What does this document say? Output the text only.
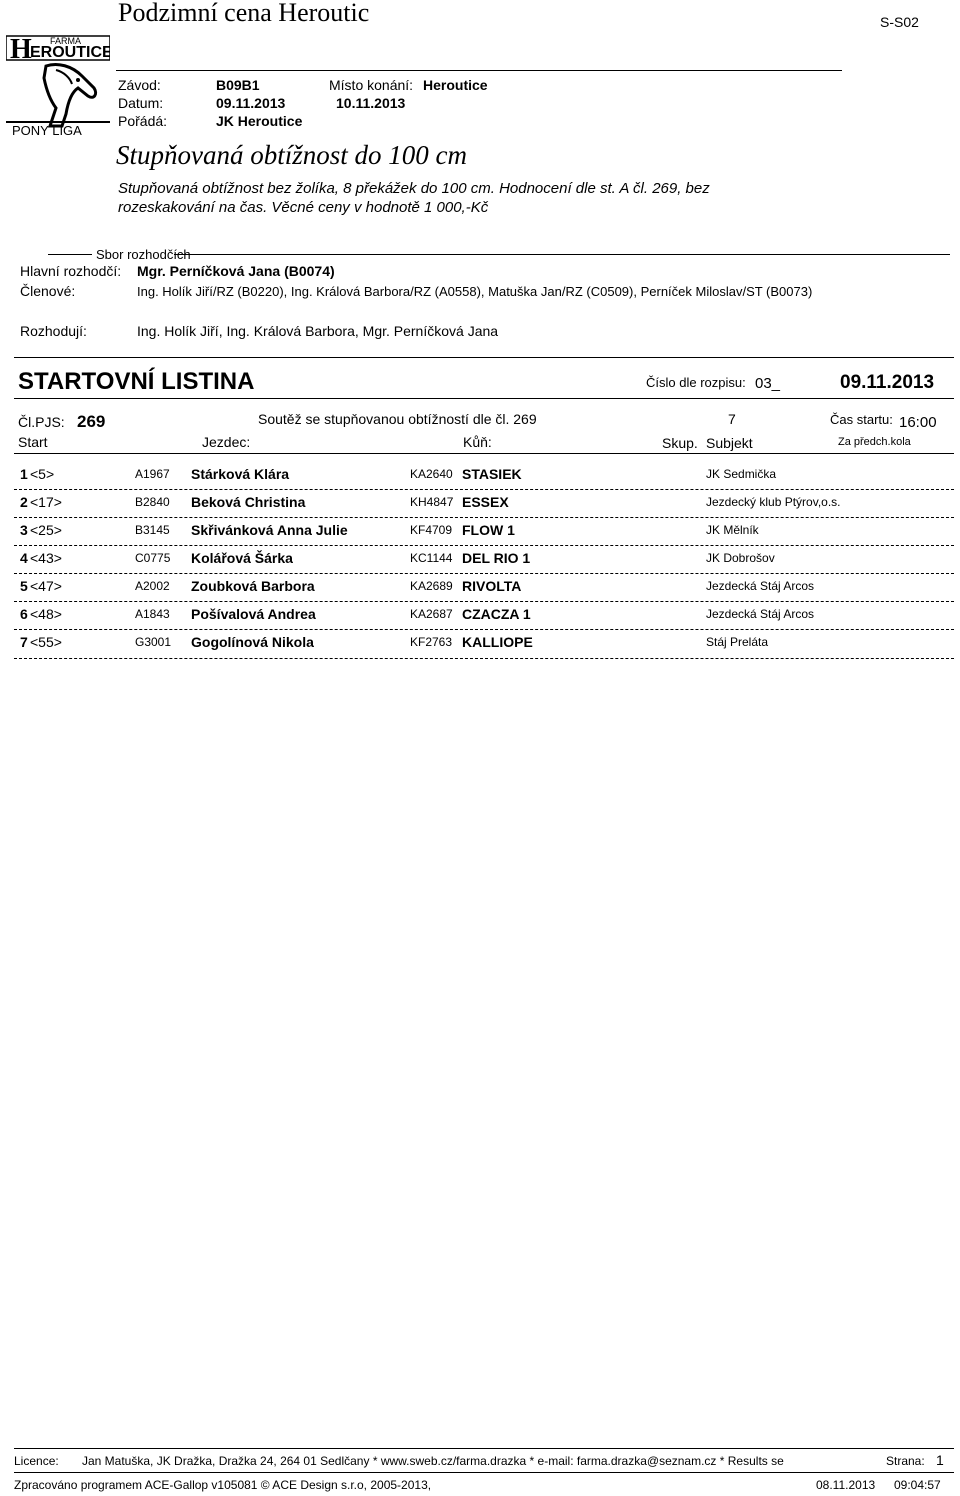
H
EROUTICE
FARMA
PONY LIGA
Podzimní cena Heroutic	S-S02
Závod:	B09B1	Místo konání: Heroutice
Datum:	09.11.2013	10.11.2013
Pořádá:	JK Heroutice
Stupňovaná obtížnost do 100 cm
Stupňovaná obtížnost bez žolíka, 8 překážek do 100 cm. Hodnocení dle st. A čl. 269, bez
rozeskakování na čas. Věcné ceny v hodnotě 1 000,-Kč
Sbor rozhodčích
Hlavní rozhodčí: Mgr. Perníčková Jana (B0074)
Členové:	Ing. Holík Jiří/RZ (B0220), Ing. Králová Barbora/RZ (A0558), Matuška Jan/RZ (C0509), Perníček Miloslav/ST (B0073)
Rozhodují:	Ing. Holík Jiří, Ing. Králová Barbora, Mgr. Perníčková Jana
STARTOVNÍ LISTINA	Číslo dle rozpisu: 03_	09.11.2013
Čl.PJS: 269	Soutěž se stupňovanou obtížností dle čl. 269	7	Čas startu: 16:00
Start	Jezdec:	Kůň:	Skup. Subjekt	Za předch.kola
1 <5>	A1967 Stárková Klára	KA2640 STASIEK	JK Sedmička
2 <17>	B2840 Beková Christina	KH4847 ESSEX	Jezdecký klub Ptýrov,o.s.
3 <25>	B3145 Skřivánková Anna Julie	KF4709 FLOW 1	JK Mělník
4 <43>	C0775 Kolářová Šárka	KC1144 DEL RIO 1	JK Dobrošov
5 <47>	A2002 Zoubková Barbora	KA2689 RIVOLTA	Jezdecká Stáj Arcos
6 <48>	A1843 Pošívalová Andrea	KA2687 CZACZA 1	Jezdecká Stáj Arcos
7 <55>	G3001 Gogolínová Nikola	KF2763 KALLIOPE	Stáj Preláta
Licence: Jan Matuška, JK Dražka, Dražka 24, 264 01 Sedlčany * www.sweb.cz/farma.drazka * e-mail: farma.drazka@seznam.cz * Results se	Strana: 1
Zpracováno programem ACE-Gallop v105081 © ACE Design s.r.o, 2005-2013,	08.11.2013 09:04:57
